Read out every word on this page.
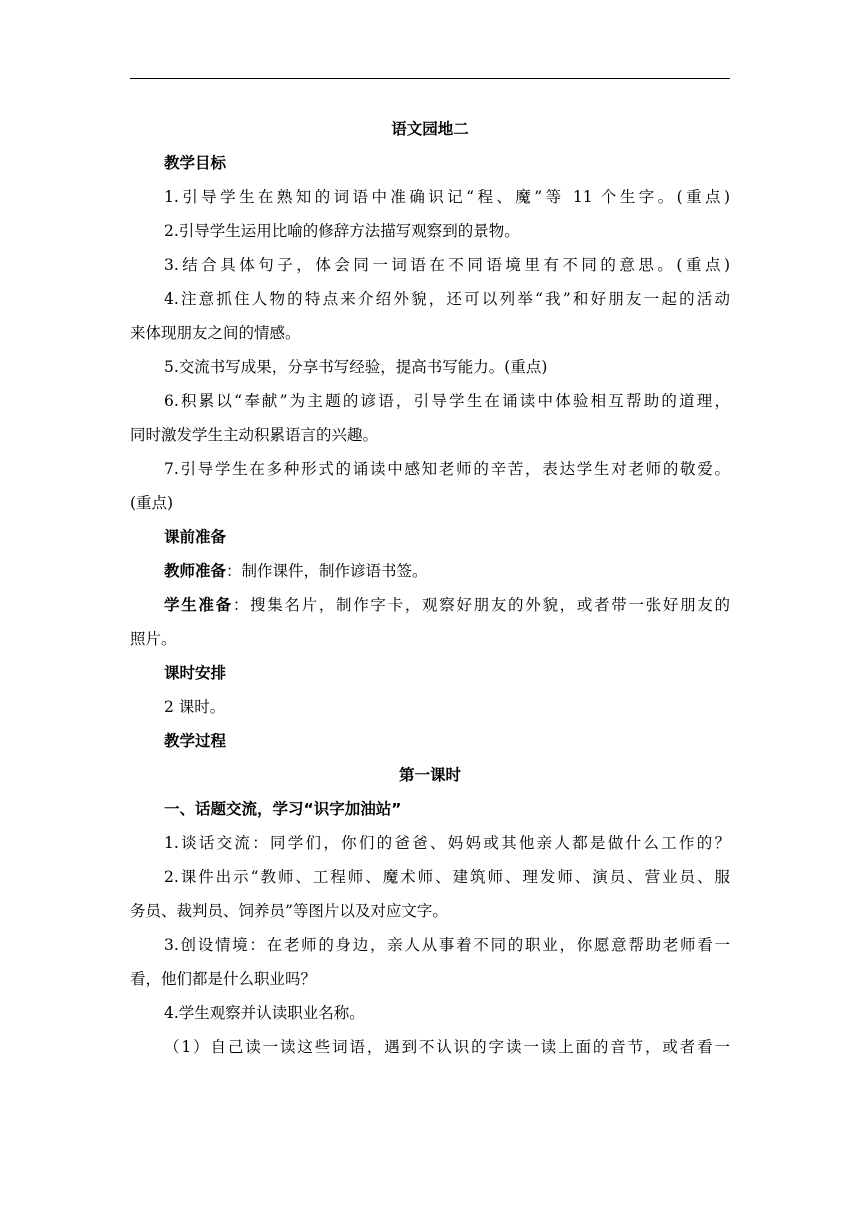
语文园地二
教学目标
1.引导学生在熟知的词语中准确识记“程、魔”等 11 个生字。(重点)
2.引导学生运用比喻的修辞方法描写观察到的景物。
3.结合具体句子，体会同一词语在不同语境里有不同的意思。(重点)
4.注意抓住人物的特点来介绍外貌，还可以列举“我”和好朋友一起的活动
来体现朋友之间的情感。
5.交流书写成果，分享书写经验，提高书写能力。(重点)
6.积累以“奉献”为主题的谚语，引导学生在诵读中体验相互帮助的道理，
同时激发学生主动积累语言的兴趣。
7.引导学生在多种形式的诵读中感知老师的辛苦，表达学生对老师的敬爱。
(重点)
课前准备
教师准备：制作课件，制作谚语书签。
学生准备：搜集名片，制作字卡，观察好朋友的外貌，或者带一张好朋友的
照片。
课时安排
2 课时。
教学过程
第一课时
一、话题交流，学习“识字加油站”
1.谈话交流：同学们，你们的爸爸、妈妈或其他亲人都是做什么工作的？
2.课件出示“教师、工程师、魔术师、建筑师、理发师、演员、营业员、服
务员、裁判员、饲养员”等图片以及对应文字。
3.创设情境：在老师的身边，亲人从事着不同的职业，你愿意帮助老师看一
看，他们都是什么职业吗？
4.学生观察并认读职业名称。
（1）自己读一读这些词语，遇到不认识的字读一读上面的音节，或者看一
